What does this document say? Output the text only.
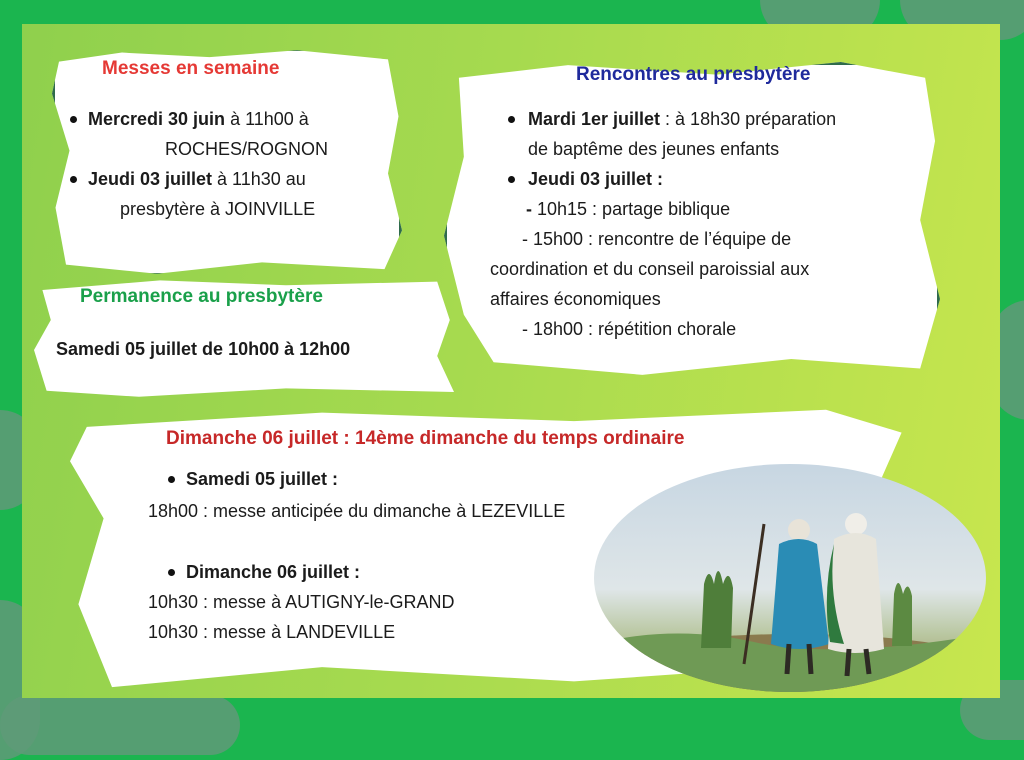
Messes en semaine
Mercredi 30 juin à 11h00 à
ROCHES/ROGNON
Jeudi 03 juillet à 11h30 au
presbytère à JOINVILLE
Rencontres au presbytère
Mardi 1er juillet : à 18h30 préparation
de baptême des jeunes enfants
Jeudi 03 juillet :
- 10h15 : partage biblique
- 15h00 : rencontre de l’équipe de
coordination et du conseil paroissial aux
affaires économiques
- 18h00 : répétition chorale
Permanence au presbytère
Samedi 05 juillet de 10h00 à 12h00
Dimanche 06 juillet : 14ème dimanche du temps ordinaire
Samedi 05 juillet :
18h00 : messe anticipée du dimanche à LEZEVILLE
Dimanche 06 juillet :
10h30 : messe à AUTIGNY-le-GRAND
10h30 : messe à LANDEVILLE
